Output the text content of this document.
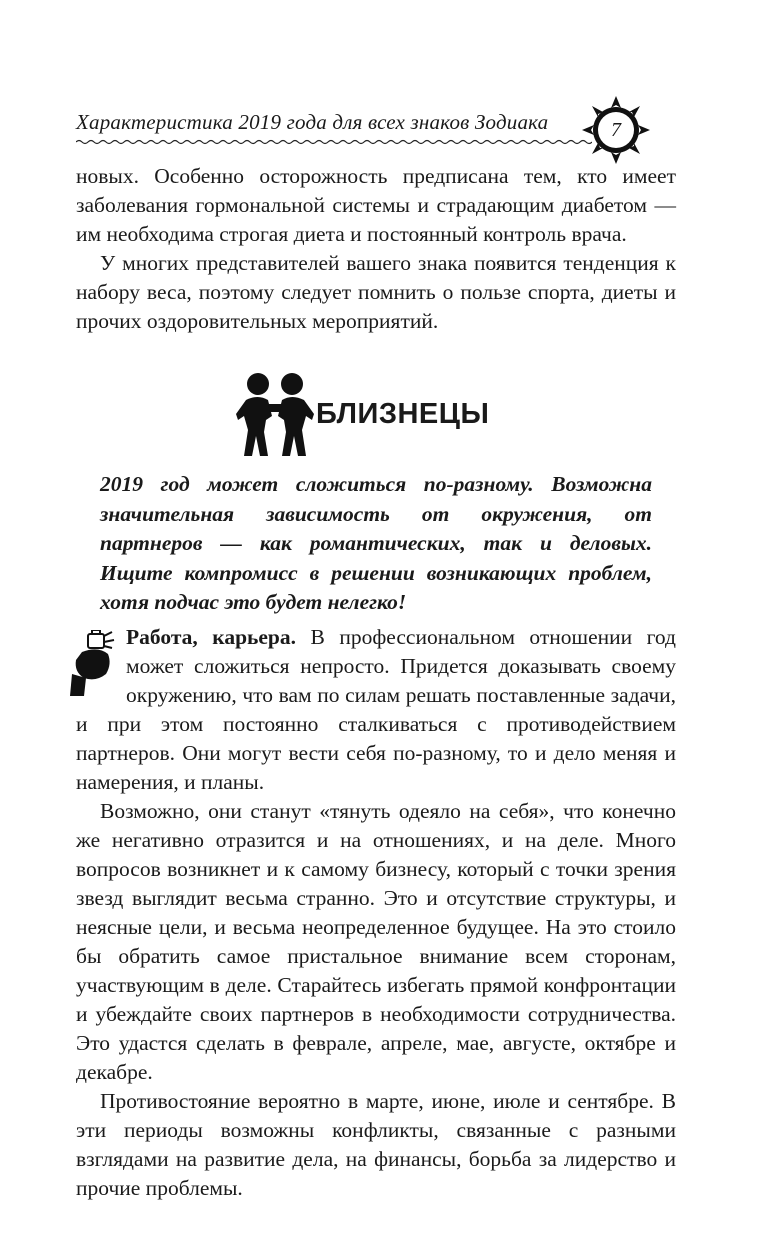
Характеристика 2019 года для всех знаков Зодиака	7

новых. Особенно осторожность предписана тем, кто имеет заболевания гормональной системы и страдающим диабетом — им необходима строгая диета и постоянный контроль врача.

У многих представителей вашего знака появится тенденция к набору веса, поэтому следует помнить о пользе спорта, диеты и прочих оздоровительных мероприятий.

БЛИЗНЕЦЫ
2019 год может сложиться по-разному. Возможна значительная зависимость от окружения, от партнеров — как романтических, так и деловых. Ищите компромисс в решении возникающих проблем, хотя подчас это будет нелегко!

Работа, карьера. В профессиональном отношении год может сложиться непросто. Придется доказывать своему окружению, что вам по силам решать поставленные задачи, и при этом постоянно сталкиваться с противодействием партнеров. Они могут вести себя по-разному, то и дело меняя и намерения, и планы.

Возможно, они станут «тянуть одеяло на себя», что конечно же негативно отразится и на отношениях, и на деле. Много вопросов возникнет и к самому бизнесу, который с точки зрения звезд выглядит весьма странно. Это и отсутствие структуры, и неясные цели, и весьма неопределенное будущее. На это стоило бы обратить самое пристальное внимание всем сторонам, участвующим в деле. Старайтесь избегать прямой конфронтации и убеждайте своих партнеров в необходимости сотрудничества. Это удастся сделать в феврале, апреле, мае, августе, октябре и декабре.

Противостояние вероятно в марте, июне, июле и сентябре. В эти периоды возможны конфликты, связанные с разными взглядами на развитие дела, на финансы, борьба за лидерство и прочие проблемы.
